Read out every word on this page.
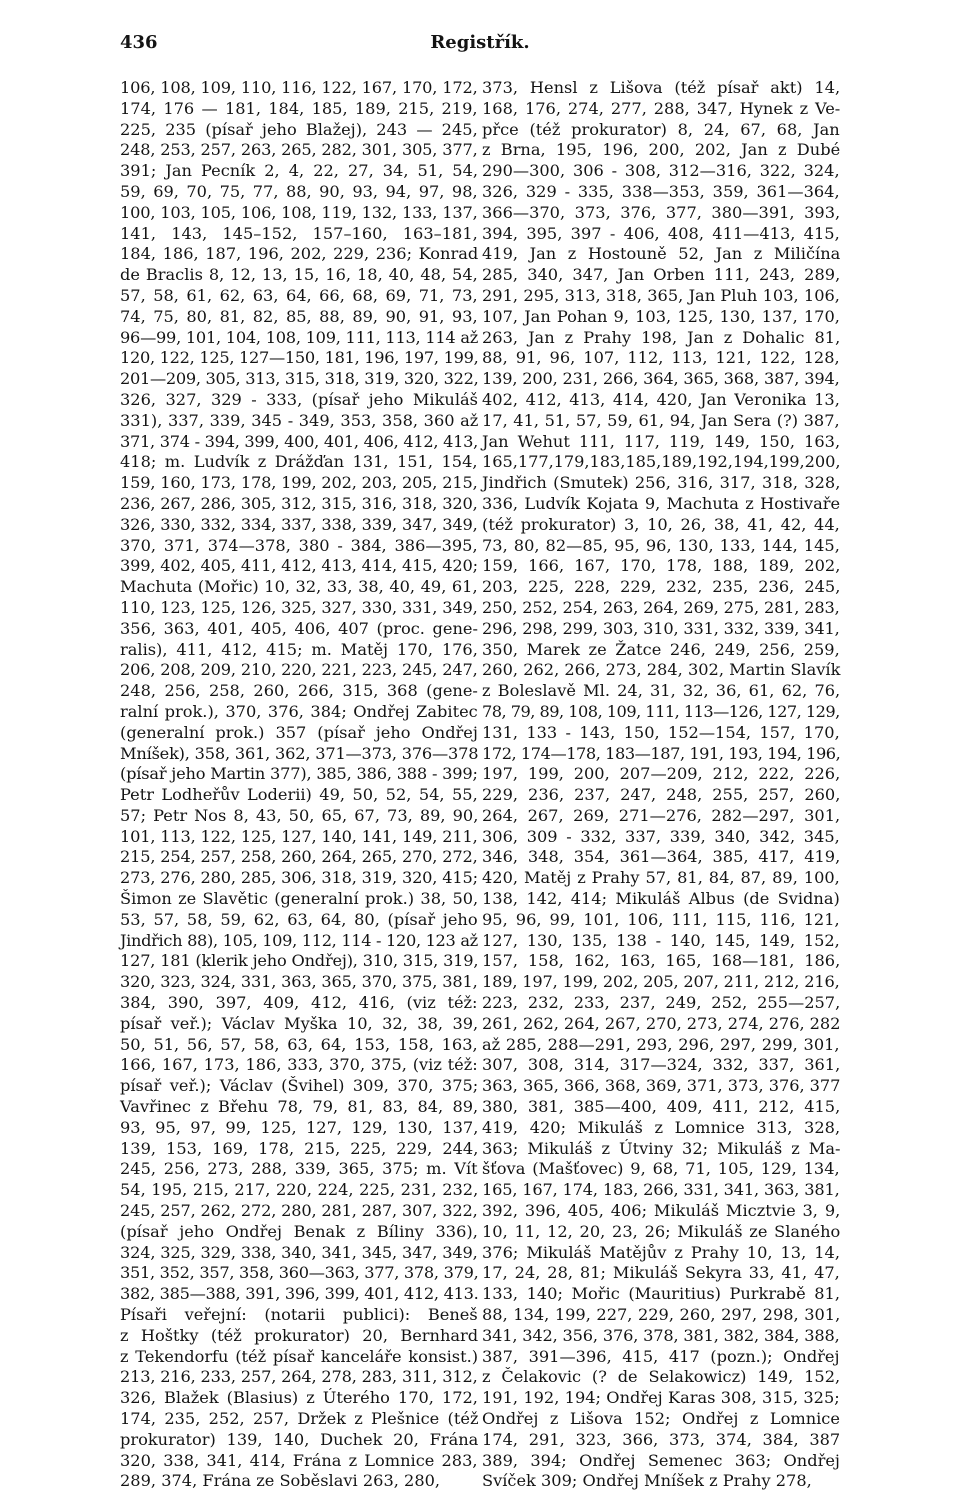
436	Registřík.
106, 108, 109, 110, 116, 122, 167, 170, 172,
174, 176 — 181, 184, 185, 189, 215, 219,
225, 235 (písař jeho Blažej), 243 — 245,
248, 253, 257, 263, 265, 282, 301, 305, 377,
391; Jan Pecník 2, 4, 22, 27, 34, 51, 54,
59, 69, 70, 75, 77, 88, 90, 93, 94, 97, 98,
100, 103, 105, 106, 108, 119, 132, 133, 137,
141, 143, 145–152, 157–160, 163–181,
184, 186, 187, 196, 202, 229, 236; Konrad
de Braclis 8, 12, 13, 15, 16, 18, 40, 48, 54,
57, 58, 61, 62, 63, 64, 66, 68, 69, 71, 73,
74, 75, 80, 81, 82, 85, 88, 89, 90, 91, 93,
96—99, 101, 104, 108, 109, 111, 113, 114 až
120, 122, 125, 127—150, 181, 196, 197, 199,
201—209, 305, 313, 315, 318, 319, 320, 322,
326, 327, 329 - 333, (písař jeho Mikuláš
331), 337, 339, 345 - 349, 353, 358, 360 až
371, 374 - 394, 399, 400, 401, 406, 412, 413,
418; m. Ludvík z Drážďan 131, 151, 154,
159, 160, 173, 178, 199, 202, 203, 205, 215,
236, 267, 286, 305, 312, 315, 316, 318, 320,
326, 330, 332, 334, 337, 338, 339, 347, 349,
370, 371, 374—378, 380 - 384, 386—395,
399, 402, 405, 411, 412, 413, 414, 415, 420;
Machuta (Mořic) 10, 32, 33, 38, 40, 49, 61,
110, 123, 125, 126, 325, 327, 330, 331, 349,
356, 363, 401, 405, 406, 407 (proc. gene-
ralis), 411, 412, 415; m. Matěj 170, 176,
206, 208, 209, 210, 220, 221, 223, 245, 247,
248, 256, 258, 260, 266, 315, 368 (gene-
ralní prok.), 370, 376, 384; Ondřej Zabitec
(generalní prok.) 357 (písař jeho Ondřej
Mníšek), 358, 361, 362, 371—373, 376—378
(písař jeho Martin 377), 385, 386, 388 - 399;
Petr Lodheřův Loderii) 49, 50, 52, 54, 55,
57; Petr Nos 8, 43, 50, 65, 67, 73, 89, 90,
101, 113, 122, 125, 127, 140, 141, 149, 211,
215, 254, 257, 258, 260, 264, 265, 270, 272,
273, 276, 280, 285, 306, 318, 319, 320, 415;
Šimon ze Slavětic (generalní prok.) 38, 50,
53, 57, 58, 59, 62, 63, 64, 80, (písař jeho
Jindřich 88), 105, 109, 112, 114 - 120, 123 až
127, 181 (klerik jeho Ondřej), 310, 315, 319,
320, 323, 324, 331, 363, 365, 370, 375, 381,
384, 390, 397, 409, 412, 416, (viz též:
písař veř.); Václav Myška 10, 32, 38, 39,
50, 51, 56, 57, 58, 63, 64, 153, 158, 163,
166, 167, 173, 186, 333, 370, 375, (viz též:
písař veř.); Václav (Švihel) 309, 370, 375;
Vavřinec z Břehu 78, 79, 81, 83, 84, 89,
93, 95, 97, 99, 125, 127, 129, 130, 137,
139, 153, 169, 178, 215, 225, 229, 244,
245, 256, 273, 288, 339, 365, 375; m. Vít
54, 195, 215, 217, 220, 224, 225, 231, 232,
245, 257, 262, 272, 280, 281, 287, 307, 322,
(písař jeho Ondřej Benak z Bíliny 336),
324, 325, 329, 338, 340, 341, 345, 347, 349,
351, 352, 357, 358, 360—363, 377, 378, 379,
382, 385—388, 391, 396, 399, 401, 412, 413.
Písaři veřejní: (notarii publici): Beneš
z Hoštky (též prokurator) 20, Bernhard
z Tekendorfu (též písař kanceláře konsist.)
213, 216, 233, 257, 264, 278, 283, 311, 312,
326, Blažek (Blasius) z Úterého 170, 172,
174, 235, 252, 257, Držek z Plešnice (též
prokurator) 139, 140, Duchek 20, Frána
320, 338, 341, 414, Frána z Lomnice 283,
289, 374, Frána ze Soběslavi 263, 280,
373, Hensl z Lišova (též písař akt) 14,
168, 176, 274, 277, 288, 347, Hynek z Ve-
přce (též prokurator) 8, 24, 67, 68, Jan
z Brna, 195, 196, 200, 202, Jan z Dubé
290—300, 306 - 308, 312—316, 322, 324,
326, 329 - 335, 338—353, 359, 361—364,
366—370, 373, 376, 377, 380—391, 393,
394, 395, 397 - 406, 408, 411—413, 415,
419, Jan z Hostouně 52, Jan z Miličína
285, 340, 347, Jan Orben 111, 243, 289,
291, 295, 313, 318, 365, Jan Pluh 103, 106,
107, Jan Pohan 9, 103, 125, 130, 137, 170,
263, Jan z Prahy 198, Jan z Dohalic 81,
88, 91, 96, 107, 112, 113, 121, 122, 128,
139, 200, 231, 266, 364, 365, 368, 387, 394,
402, 412, 413, 414, 420, Jan Veronika 13,
17, 41, 51, 57, 59, 61, 94, Jan Sera (?) 387,
Jan Wehut 111, 117, 119, 149, 150, 163,
165,177,179,183,185,189,192,194,199,200,
Jindřich (Smutek) 256, 316, 317, 318, 328,
336, Ludvík Kojata 9, Machuta z Hostivaře
(též prokurator) 3, 10, 26, 38, 41, 42, 44,
73, 80, 82—85, 95, 96, 130, 133, 144, 145,
159, 166, 167, 170, 178, 188, 189, 202,
203, 225, 228, 229, 232, 235, 236, 245,
250, 252, 254, 263, 264, 269, 275, 281, 283,
296, 298, 299, 303, 310, 331, 332, 339, 341,
350, Marek ze Žatce 246, 249, 256, 259,
260, 262, 266, 273, 284, 302, Martin Slavík
z Boleslavě Ml. 24, 31, 32, 36, 61, 62, 76,
78, 79, 89, 108, 109, 111, 113—126, 127, 129,
131, 133 - 143, 150, 152—154, 157, 170,
172, 174—178, 183—187, 191, 193, 194, 196,
197, 199, 200, 207—209, 212, 222, 226,
229, 236, 237, 247, 248, 255, 257, 260,
264, 267, 269, 271—276, 282—297, 301,
306, 309 - 332, 337, 339, 340, 342, 345,
346, 348, 354, 361—364, 385, 417, 419,
420, Matěj z Prahy 57, 81, 84, 87, 89, 100,
138, 142, 414; Mikuláš Albus (de Svidna)
95, 96, 99, 101, 106, 111, 115, 116, 121,
127, 130, 135, 138 - 140, 145, 149, 152,
157, 158, 162, 163, 165, 168—181, 186,
189, 197, 199, 202, 205, 207, 211, 212, 216,
223, 232, 233, 237, 249, 252, 255—257,
261, 262, 264, 267, 270, 273, 274, 276, 282
až 285, 288—291, 293, 296, 297, 299, 301,
307, 308, 314, 317—324, 332, 337, 361,
363, 365, 366, 368, 369, 371, 373, 376, 377
380, 381, 385—400, 409, 411, 212, 415,
419, 420; Mikuláš z Lomnice 313, 328,
363; Mikuláš z Útviny 32; Mikuláš z Ma-
šťova (Mašťovec) 9, 68, 71, 105, 129, 134,
165, 167, 174, 183, 266, 331, 341, 363, 381,
392, 396, 405, 406; Mikuláš Micztvie 3, 9,
10, 11, 12, 20, 23, 26; Mikuláš ze Slaného
376; Mikuláš Matějův z Prahy 10, 13, 14,
17, 24, 28, 81; Mikuláš Sekyra 33, 41, 47,
133, 140; Mořic (Mauritius) Purkrabě 81,
88, 134, 199, 227, 229, 260, 297, 298, 301,
341, 342, 356, 376, 378, 381, 382, 384, 388,
387, 391—396, 415, 417 (pozn.); Ondřej
z Čelakovic (? de Selakowicz) 149, 152,
191, 192, 194; Ondřej Karas 308, 315, 325;
Ondřej z Lišova 152; Ondřej z Lomnice
174, 291, 323, 366, 373, 374, 384, 387
389, 394; Ondřej Semenec 363; Ondřej
Svíček 309; Ondřej Mníšek z Prahy 278,
